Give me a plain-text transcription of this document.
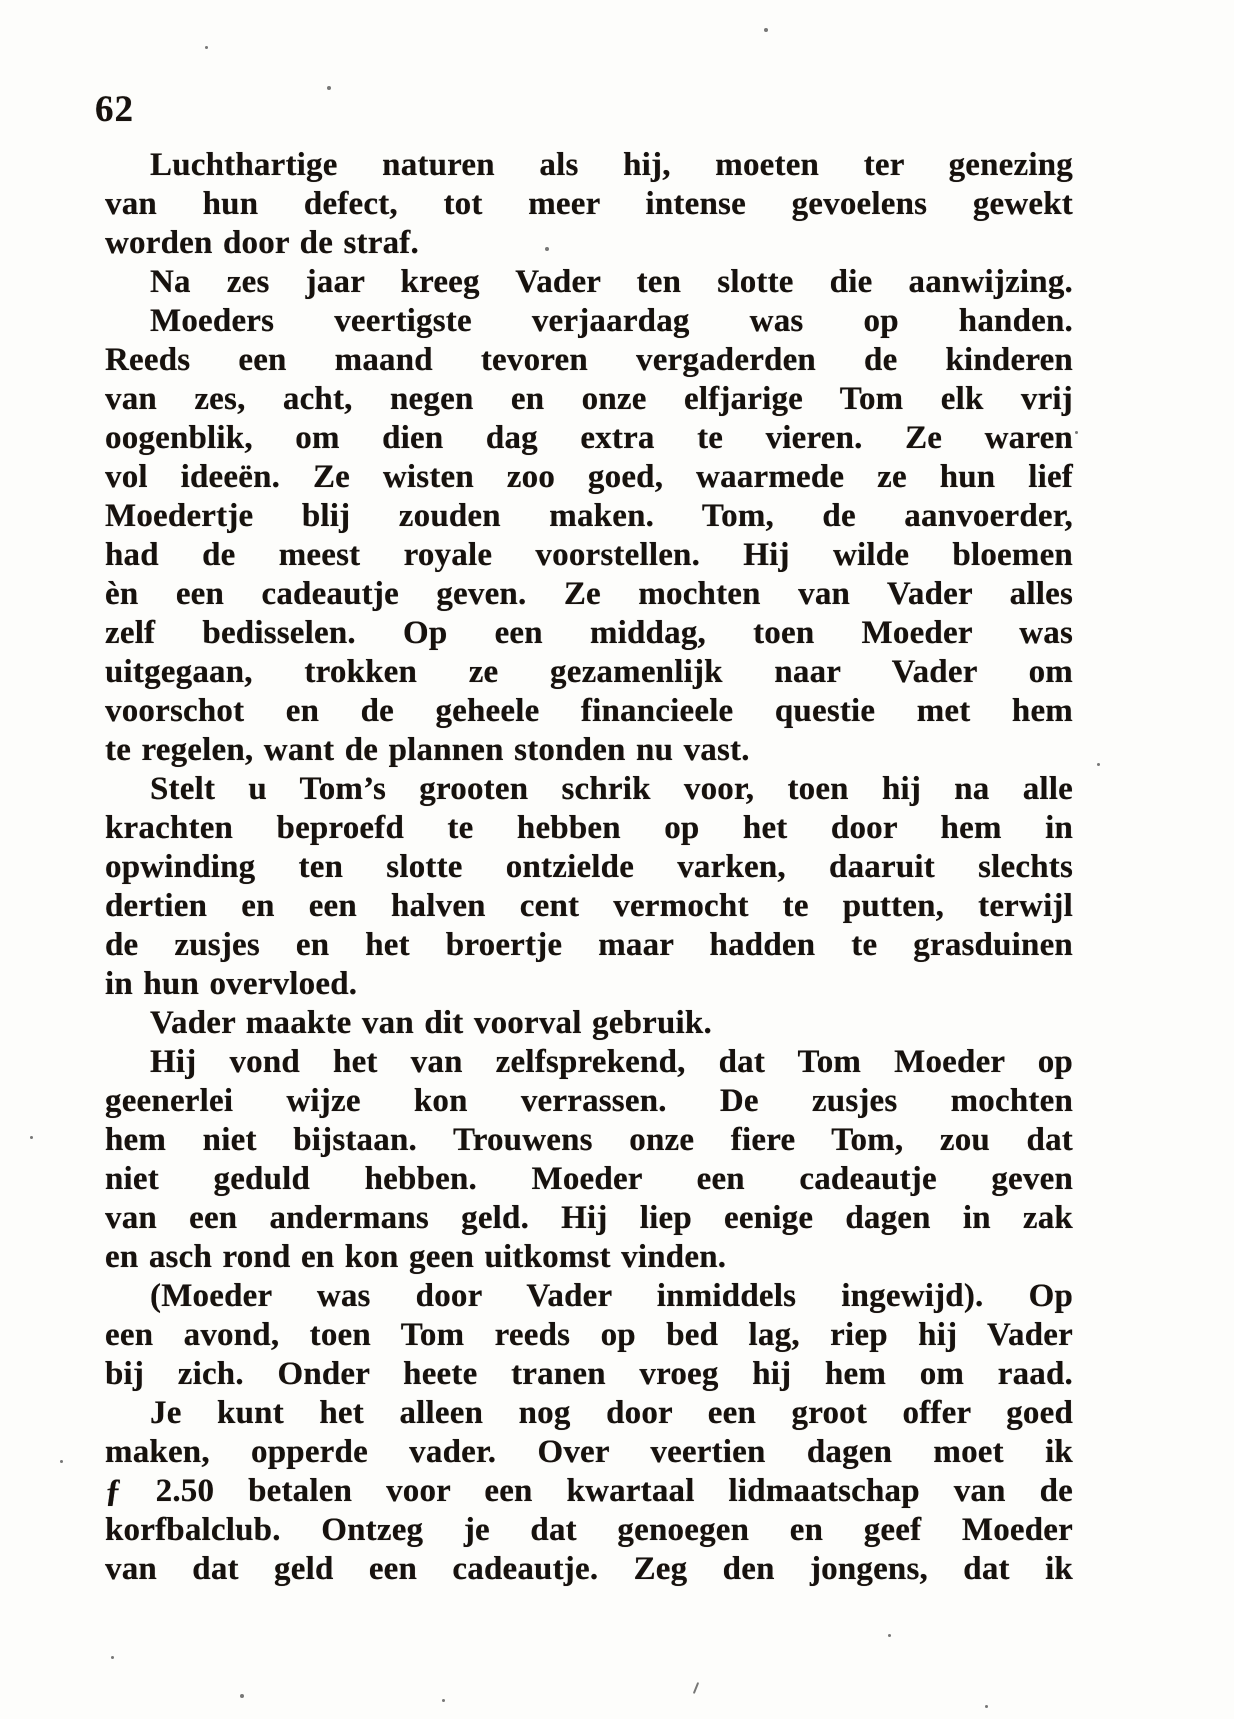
62
Luchthartige naturen als hij, moeten ter genezing
van hun defect, tot meer intense gevoelens gewekt
worden door de straf.
Na zes jaar kreeg Vader ten slotte die aanwijzing.
Moeders veertigste verjaardag was op handen.
Reeds een maand tevoren vergaderden de kinderen
van zes, acht, negen en onze elfjarige Tom elk vrij
oogenblik, om dien dag extra te vieren. Ze waren
vol ideeën. Ze wisten zoo goed, waarmede ze hun lief
Moedertje blij zouden maken. Tom, de aanvoerder,
had de meest royale voorstellen. Hij wilde bloemen
èn een cadeautje geven. Ze mochten van Vader alles
zelf bedisselen. Op een middag, toen Moeder was
uitgegaan, trokken ze gezamenlijk naar Vader om
voorschot en de geheele financieele questie met hem
te regelen, want de plannen stonden nu vast.
Stelt u Tom’s grooten schrik voor, toen hij na alle
krachten beproefd te hebben op het door hem in
opwinding ten slotte ontzielde varken, daaruit slechts
dertien en een halven cent vermocht te putten, terwijl
de zusjes en het broertje maar hadden te grasduinen
in hun overvloed.
Vader maakte van dit voorval gebruik.
Hij vond het van zelfsprekend, dat Tom Moeder op
geenerlei wijze kon verrassen. De zusjes mochten
hem niet bijstaan. Trouwens onze fiere Tom, zou dat
niet geduld hebben. Moeder een cadeautje geven
van een andermans geld. Hij liep eenige dagen in zak
en asch rond en kon geen uitkomst vinden.
(Moeder was door Vader inmiddels ingewijd). Op
een avond, toen Tom reeds op bed lag, riep hij Vader
bij zich. Onder heete tranen vroeg hij hem om raad.
Je kunt het alleen nog door een groot offer goed
maken, opperde vader. Over veertien dagen moet ik
ƒ 2.50 betalen voor een kwartaal lidmaatschap van de
korfbalclub. Ontzeg je dat genoegen en geef Moeder
van dat geld een cadeautje. Zeg den jongens, dat ik
